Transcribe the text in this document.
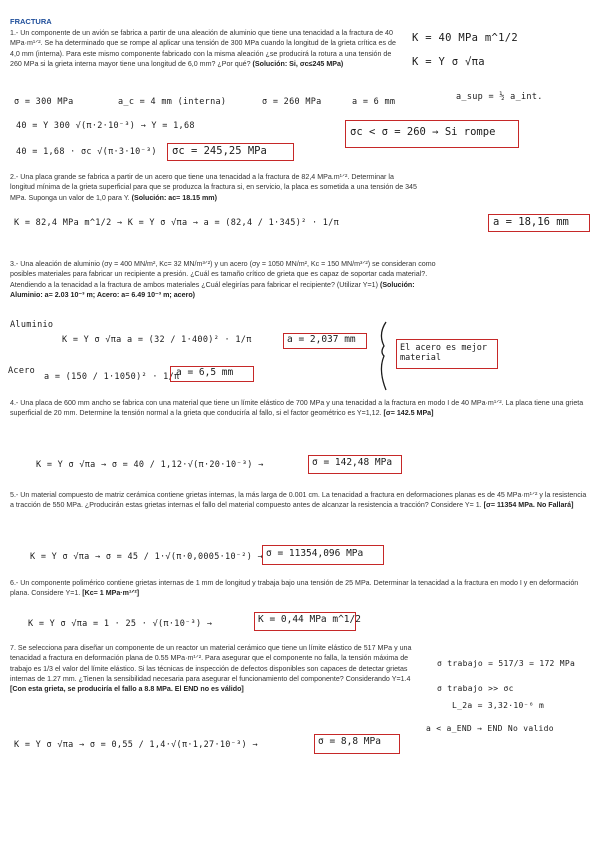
FRACTURA
1.- Un componente de un avión se fabrica a partir de una aleación de aluminio que tiene una tenacidad a la fractura de 40 MPa·m¹ᐟ². Se ha determinado que se rompe al aplicar una tensión de 300 MPa cuando la longitud de la grieta crítica es de 4,0 mm (interna). Para este mismo componente fabricado con la misma aleación ¿se producirá la rotura a una tensión de 260 MPa si la grieta interna mayor tiene una longitud de 6,0 mm? ¿Por qué? (Solución: Si, σc≤245 MPa)
K = 40 MPa m^1/2
K = Y σ √πa
a_sup = ½ a_int.
σ = 300 MPa	a_c = 4 mm (interna)	σ = 260 MPa	a = 6 mm
40 = Y 300 √(π·2·10⁻³) → Y = 1,68
40 = 1,68 · σc √(π·3·10⁻³) σc = 245,25 MPa
σc < σ = 260 → Si rompe
2.- Una placa grande se fabrica a partir de un acero que tiene una tenacidad a la fractura de 82,4 MPa.m¹ᐟ². Determinar la longitud mínima de la grieta superficial para que se produzca la fractura si, en servicio, la placa es sometida a una tensión de 345 MPa. Suponga un valor de 1,0 para Y. (Solución: ac= 18.15 mm)
K = 82,4 MPa m^1/2 → K = Y σ √πa → a = (82,4 / 1·345)² · 1/π	a = 18,16 mm
3.- Una aleación de aluminio (σy = 400 MN/m², Kc= 32 MN/m³ᐟ²) y un acero (σy = 1050 MN/m², Kc = 150 MN/m³ᐟ²) se consideran como posibles materiales para fabricar un recipiente a presión. ¿Cuál es tamaño crítico de grieta que es capaz de soportar cada material?. Atendiendo a la tenacidad a la fractura de ambos materiales ¿Cuál elegirías para fabricar el recipiente? (Utilizar Y=1) (Solución: Aluminio: a= 2.03 10⁻³ m; Acero: a= 6.49 10⁻³ m; acero)
Aluminio
K = Y σ √πa a = (32 / 1·400)² · 1/π	a = 2,037 mm
Acero
a = (150 / 1·1050)² · 1/π
a = 6,5 mm
El acero es mejor material
4.- Una placa de 600 mm ancho se fabrica con una material que tiene un límite elástico de 700 MPa y una tenacidad a la fractura en modo I de 40 MPa·m¹ᐟ². La placa tiene una grieta superficial de 20 mm. Determine la tensión normal a la grieta que conduciría al fallo, si el factor geométrico es Y=1,12. [σ= 142.5 MPa]
K = Y σ √πa → σ = 40 / 1,12·√(π·20·10⁻³) →	σ = 142,48 MPa
5.- Un material compuesto de matriz cerámica contiene grietas internas, la más larga de 0.001 cm. La tenacidad a fractura en deformaciones planas es de 45 MPa·m¹ᐟ² y la resistencia a tracción de 550 MPa. ¿Producirán estas grietas internas el fallo del material compuesto antes de alcanzar la resistencia a tracción? Considere Y= 1. [σ= 11354 MPa. No Fallará]
K = Y σ √πa → σ = 45 / 1·√(π·0,0005·10⁻²) → σ = 11354,096 MPa
6.- Un componente polimérico contiene grietas internas de 1 mm de longitud y trabaja bajo una tensión de 25 MPa. Determinar la tenacidad a la fractura en modo I y en deformación plana. Considere Y=1. [Kc= 1 MPa·m¹ᐟ²]
K = Y σ √πa = 1 · 25 · √(π·10⁻³) →	K = 0,44 MPa m^1/2
7. Se selecciona para diseñar un componente de un reactor un material cerámico que tiene un límite elástico de 517 MPa y una tenacidad a fractura en deformación plana de 0.55 MPa·m¹ᐟ². Para asegurar que el componente no falla, la tensión máxima de trabajo es 1/3 el valor del límite elástico. Si las técnicas de inspección de defectos disponibles son capaces de detectar grietas internas de 1.27 mm. ¿Tienen la sensibilidad necesaria para asegurar el funcionamiento del componente? Considerando Y=1.4 [Con esta grieta, se produciría el fallo a 8.8 MPa. El END no es válido]
σ trabajo = 517/3 = 172 MPa
σ trabajo >> σc
L_2a = 3,32·10⁻⁶ m
a < a_END → END No valido
K = Y σ √πa → σ = 0,55 / 1,4·√(π·1,27·10⁻³) →	σ = 8,8 MPa
